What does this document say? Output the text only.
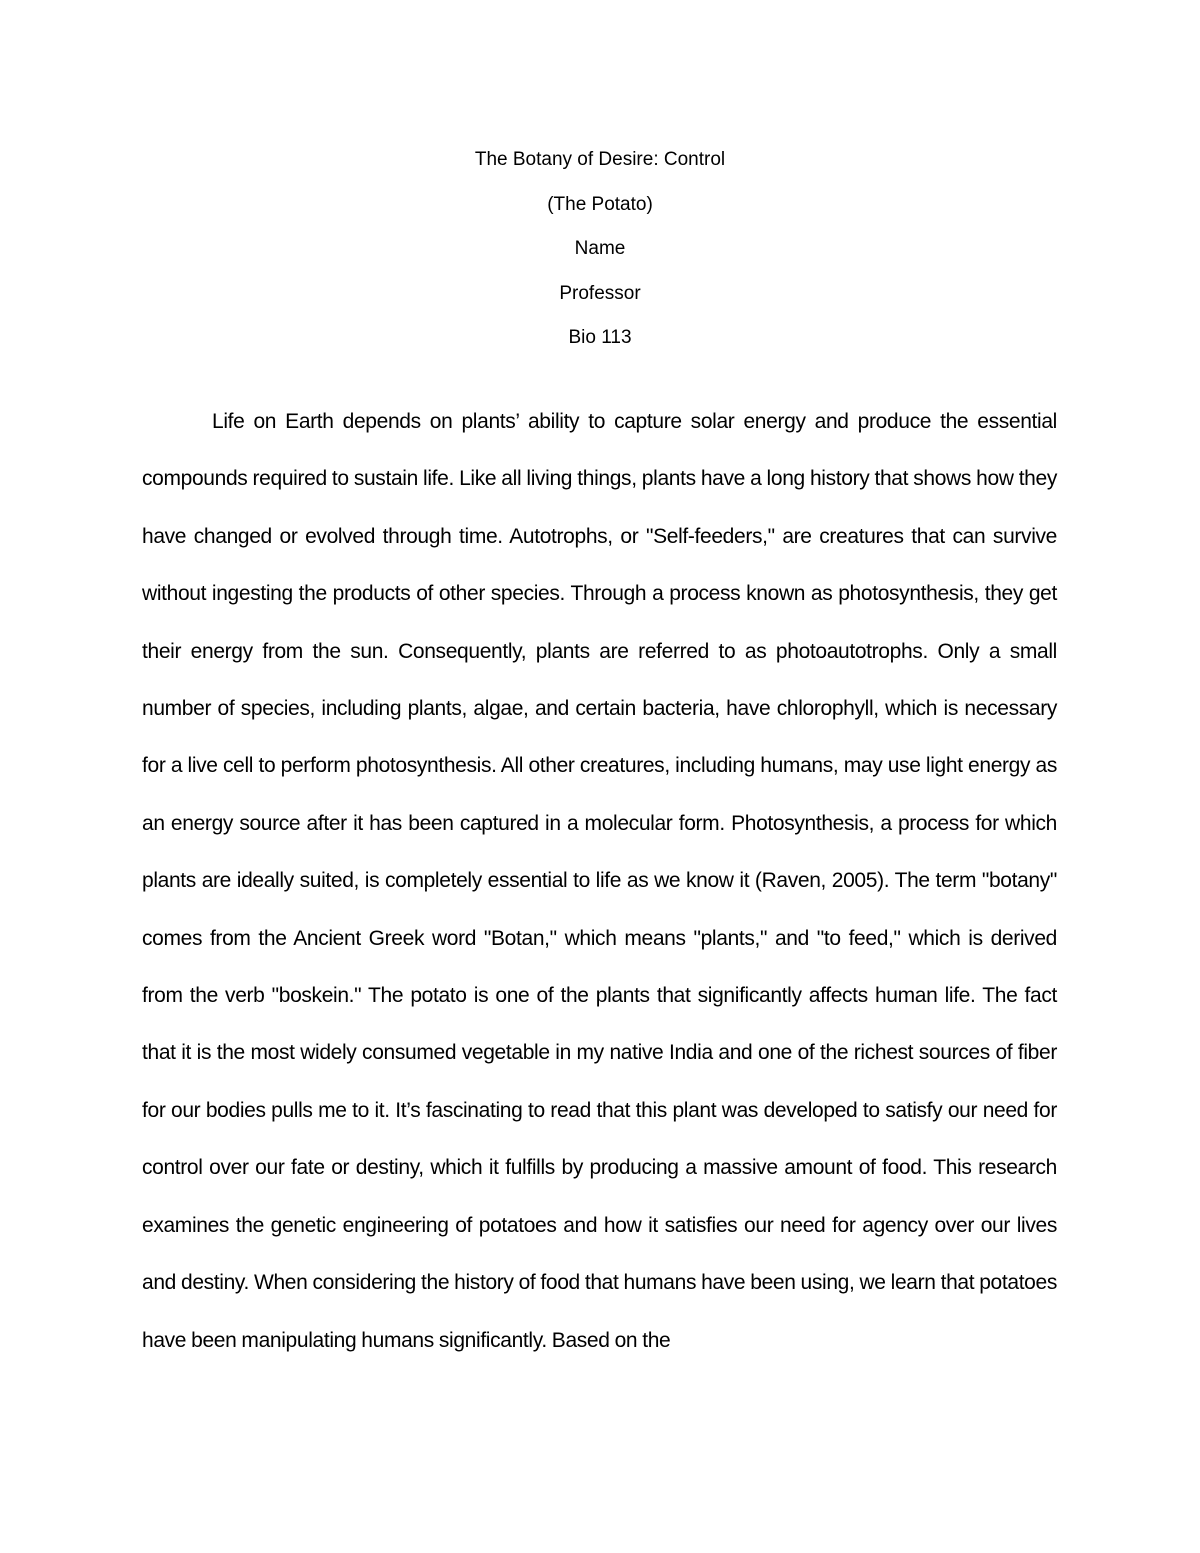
The Botany of Desire: Control

(The Potato)

Name

Professor

Bio 113

Life on Earth depends on plants’ ability to capture solar energy and produce the essential compounds required to sustain life. Like all living things, plants have a long history that shows how they have changed or evolved through time. Autotrophs, or "Self-feeders," are creatures that can survive without ingesting the products of other species. Through a process known as photosynthesis, they get their energy from the sun. Consequently, plants are referred to as photoautotrophs. Only a small number of species, including plants, algae, and certain bacteria, have chlorophyll, which is necessary for a live cell to perform photosynthesis. All other creatures, including humans, may use light energy as an energy source after it has been captured in a molecular form. Photosynthesis, a process for which plants are ideally suited, is completely essential to life as we know it (Raven, 2005). The term "botany" comes from the Ancient Greek word "Botan," which means "plants," and "to feed," which is derived from the verb "boskein." The potato is one of the plants that significantly affects human life. The fact that it is the most widely consumed vegetable in my native India and one of the richest sources of fiber for our bodies pulls me to it. It’s fascinating to read that this plant was developed to satisfy our need for control over our fate or destiny, which it fulfills by producing a massive amount of food. This research examines the genetic engineering of potatoes and how it satisfies our need for agency over our lives and destiny. When considering the history of food that humans have been using, we learn that potatoes have been manipulating humans significantly. Based on the
